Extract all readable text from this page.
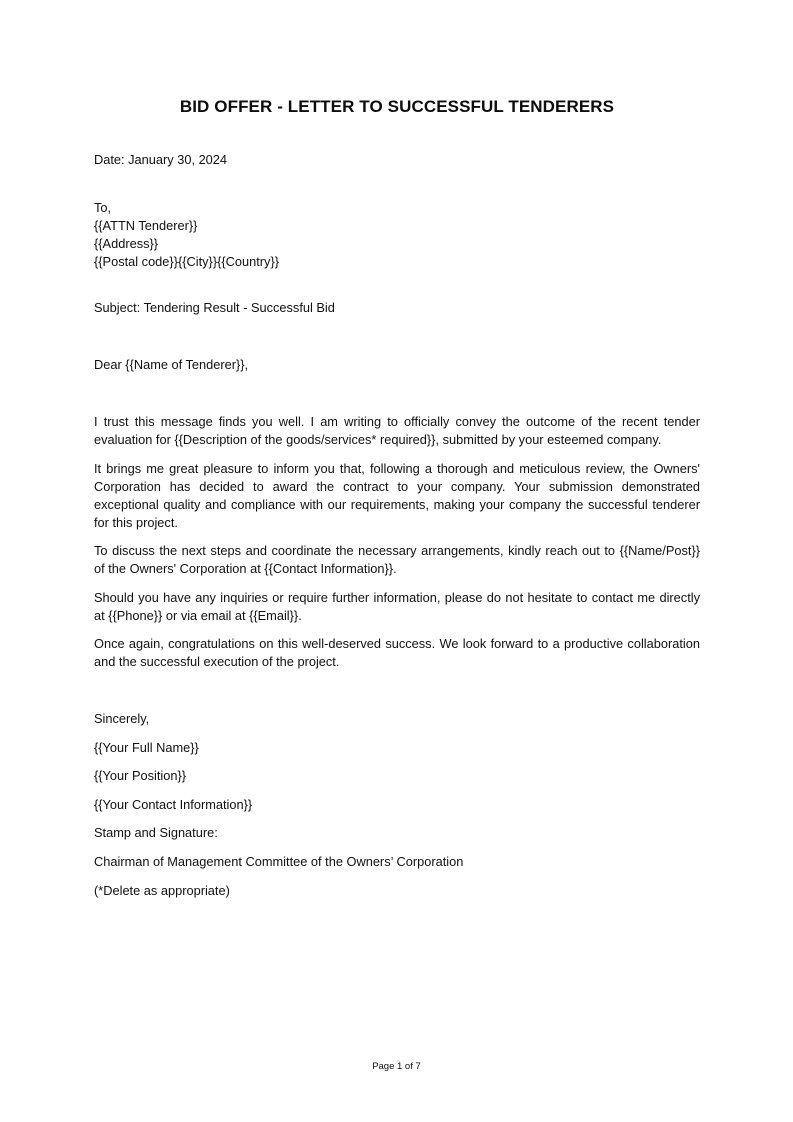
BID OFFER - LETTER TO SUCCESSFUL TENDERERS
Date: January 30, 2024
To,
{{ATTN Tenderer}}
{{Address}}
{{Postal code}}{{City}}{{Country}}
Subject: Tendering Result - Successful Bid
Dear {{Name of Tenderer}},
I trust this message finds you well. I am writing to officially convey the outcome of the recent tender evaluation for {{Description of the goods/services* required}}, submitted by your esteemed company.
It brings me great pleasure to inform you that, following a thorough and meticulous review, the Owners' Corporation has decided to award the contract to your company. Your submission demonstrated exceptional quality and compliance with our requirements, making your company the successful tenderer for this project.
To discuss the next steps and coordinate the necessary arrangements, kindly reach out to {{Name/Post}} of the Owners' Corporation at {{Contact Information}}.
Should you have any inquiries or require further information, please do not hesitate to contact me directly at {{Phone}} or via email at {{Email}}.
Once again, congratulations on this well-deserved success. We look forward to a productive collaboration and the successful execution of the project.
Sincerely,
{{Your Full Name}}
{{Your Position}}
{{Your Contact Information}}
Stamp and Signature:
Chairman of Management Committee of the Owners’ Corporation
(*Delete as appropriate)
Page 1 of 7
